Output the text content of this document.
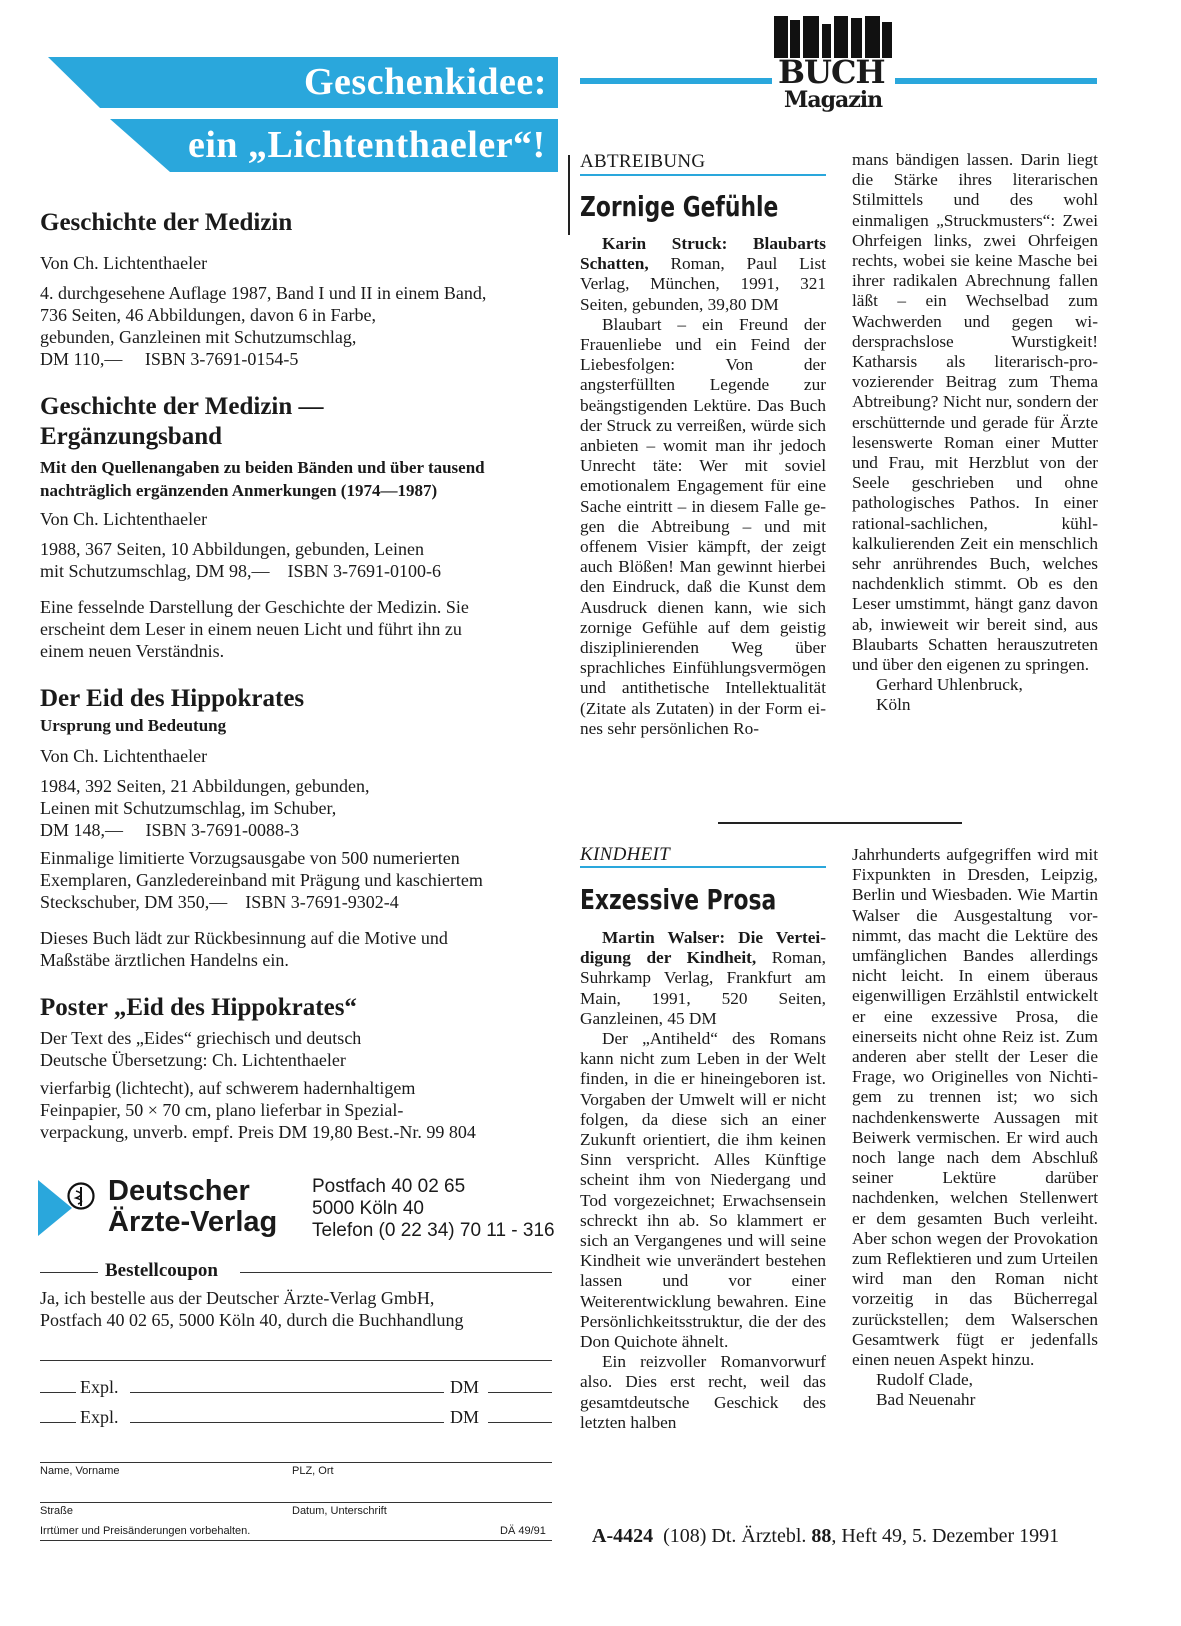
Geschenkidee:
ein „Lichtenthaeler“!
BUCH
Magazin
Geschichte der Medizin

Von Ch. Lichtenthaeler

4. durchgesehene Auflage 1987, Band I und II in einem Band,

736 Seiten, 46 Abbildungen, davon 6 in Farbe,

gebunden, Ganzleinen mit Schutzumschlag,

DM 110,—     ISBN 3-7691-0154-5

Geschichte der Medizin —
Ergänzungsband

Mit den Quellenangaben zu beiden Bänden und über tausend

nachträglich ergänzenden Anmerkungen (1974—1987)

Von Ch. Lichtenthaeler

1988, 367 Seiten, 10 Abbildungen, gebunden, Leinen

mit Schutzumschlag, DM 98,—    ISBN 3-7691-0100-6

Eine fesselnde Darstellung der Geschichte der Medizin. Sie

erscheint dem Leser in einem neuen Licht und führt ihn zu

einem neuen Verständnis.

Der Eid des Hippokrates

Ursprung und Bedeutung

Von Ch. Lichtenthaeler

1984, 392 Seiten, 21 Abbildungen, gebunden,

Leinen mit Schutzumschlag, im Schuber,

DM 148,—     ISBN 3-7691-0088-3

Einmalige limitierte Vorzugsausgabe von 500 numerierten

Exemplaren, Ganzledereinband mit Prägung und kaschiertem

Steckschuber, DM 350,—    ISBN 3-7691-9302-4

Dieses Buch lädt zur Rückbesinnung auf die Motive und

Maßstäbe ärztlichen Handelns ein.

Poster „Eid des Hippokrates“

Der Text des „Eides“ griechisch und deutsch

Deutsche Übersetzung: Ch. Lichtenthaeler

vierfarbig (lichtecht), auf schwerem hadernhaltigem

Feinpapier, 50 × 70 cm, plano lieferbar in Spezial-

verpackung, unverb. empf. Preis DM 19,80 Best.-Nr. 99 804

Deutscher
Ärzte-Verlag
Postfach 40 02 65
5000 Köln 40
Telefon (0 22 34) 70 11 - 316
Bestellcoupon
Ja, ich bestelle aus der Deutscher Ärzte-Verlag GmbH,
Postfach 40 02 65, 5000 Köln 40, durch die Buchhandlung
Expl.	DM
Expl.	DM
Name, Vorname	PLZ, Ort
Straße	Datum, Unterschrift
Irrtümer und Preisänderungen vorbehalten.	DÄ 49/91
ABTREIBUNG
Zornige Gefühle

Karin Struck: Blaubarts Schatten, Roman, Paul List Verlag, München, 1991, 321 Seiten, gebunden, 39,80 DM

Blaubart – ein Freund der Frauenliebe und ein Feind der Liebesfolgen: Von der angsterfüllten Legende zur beängstigenden Lektüre. Das Buch der Struck zu verreißen, würde sich anbieten – womit man ihr jedoch Unrecht täte: Wer mit soviel emotionalem Engagement für eine Sache eintritt – in diesem Falle gegen die Abtreibung – und mit offenem Visier kämpft, der zeigt auch Blößen! Man gewinnt hierbei den Eindruck, daß die Kunst dem Ausdruck dienen kann, wie sich zornige Gefühle auf dem geistig disziplinierenden Weg über sprachliches Einfühlungsvermögen und antithetische Intellektualität (Zitate als Zutaten) in der Form eines sehr persönlichen Ro-

mans bändigen lassen. Darin liegt die Stärke ihres literarischen Stilmittels und des wohl einmaligen „Struckmusters“: Zwei Ohrfeigen links, zwei Ohrfeigen rechts, wobei sie keine Masche bei ihrer radikalen Abrechnung fallen läßt – ein Wechselbad zum Wachwerden und gegen widersprachslose Wurstigkeit! Katharsis als literarisch-provozierender Beitrag zum Thema Abtreibung? Nicht nur, sondern der erschütternde und gerade für Ärzte lesenswerte Roman einer Mutter und Frau, mit Herzblut von der Seele geschrieben und ohne pathologisches Pathos. In einer rational-sachlichen, kühl-kalkulierenden Zeit ein menschlich sehr anrührendes Buch, welches nachdenklich stimmt. Ob es den Leser umstimmt, hängt ganz davon ab, inwieweit wir bereit sind, aus Blaubarts Schatten herauszutreten und über den eigenen zu springen.

Gerhard Uhlenbruck,

Köln

KINDHEIT
Exzessive Prosa

Martin Walser: Die Verteidigung der Kindheit, Roman, Suhrkamp Verlag, Frankfurt am Main, 1991, 520 Seiten, Ganzleinen, 45 DM

Der „Antiheld“ des Romans kann nicht zum Leben in der Welt finden, in die er hineingeboren ist. Vorgaben der Umwelt will er nicht folgen, da diese sich an einer Zukunft orientiert, die ihm keinen Sinn verspricht. Alles Künftige scheint ihm von Niedergang und Tod vorgezeichnet; Erwachsensein schreckt ihn ab. So klammert er sich an Vergangenes und will seine Kindheit wie unverändert bestehen lassen und vor einer Weiterentwicklung bewahren. Eine Persönlichkeitsstruktur, die der des Don Quichote ähnelt.

Ein reizvoller Romanvorwurf also. Dies erst recht, weil das gesamtdeutsche Geschick des letzten halben

Jahrhunderts aufgegriffen wird mit Fixpunkten in Dresden, Leipzig, Berlin und Wiesbaden. Wie Martin Walser die Ausgestaltung vornimmt, das macht die Lektüre des umfänglichen Bandes allerdings nicht leicht. In einem überaus eigenwilligen Erzählstil entwickelt er eine exzessive Prosa, die einerseits nicht ohne Reiz ist. Zum anderen aber stellt der Leser die Frage, wo Originelles von Nichtigem zu trennen ist; wo sich nachdenkenswerte Aussagen mit Beiwerk vermischen. Er wird auch noch lange nach dem Abschluß seiner Lektüre darüber nachdenken, welchen Stellenwert er dem gesamten Buch verleiht. Aber schon wegen der Provokation zum Reflektieren und zum Urteilen wird man den Roman nicht vorzeitig in das Bücherregal zurückstellen; dem Walserschen Gesamtwerk fügt er jedenfalls einen neuen Aspekt hinzu.

Rudolf Clade,

Bad Neuenahr

A-4424  (108) Dt. Ärztebl. 88, Heft 49, 5. Dezember 1991
